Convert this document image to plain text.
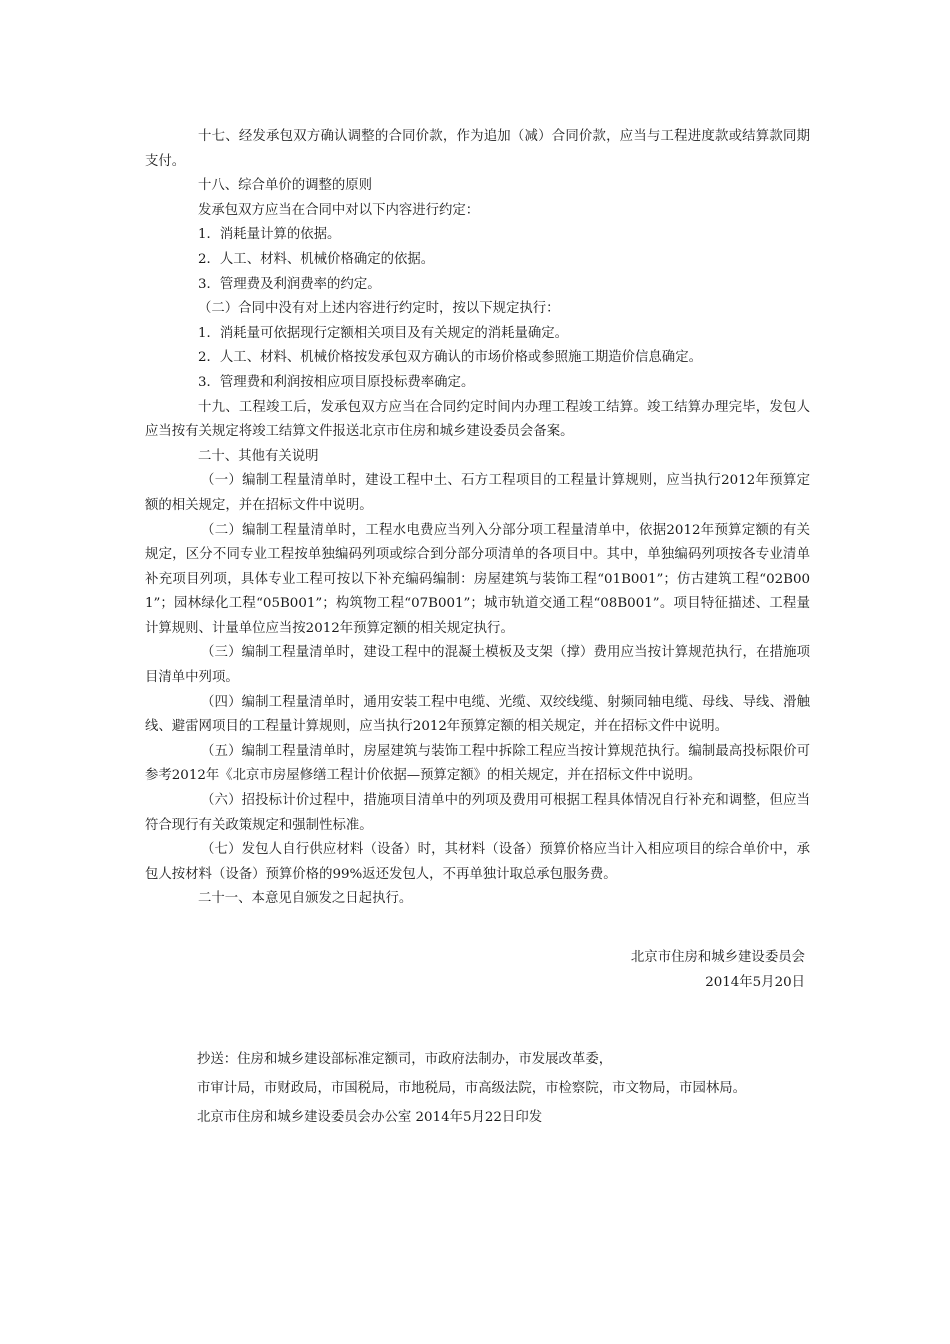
十七、经发承包双方确认调整的合同价款，作为追加（减）合同价款，应当与工程进度款或结算款同期支付。

十八、综合单价的调整的原则

发承包双方应当在合同中对以下内容进行约定：

1．消耗量计算的依据。

2．人工、材料、机械价格确定的依据。

3．管理费及利润费率的约定。

（二）合同中没有对上述内容进行约定时，按以下规定执行：

1．消耗量可依据现行定额相关项目及有关规定的消耗量确定。

2．人工、材料、机械价格按发承包双方确认的市场价格或参照施工期造价信息确定。

3．管理费和利润按相应项目原投标费率确定。

十九、工程竣工后，发承包双方应当在合同约定时间内办理工程竣工结算。竣工结算办理完毕，发包人应当按有关规定将竣工结算文件报送北京市住房和城乡建设委员会备案。

二十、其他有关说明

（一）编制工程量清单时，建设工程中土、石方工程项目的工程量计算规则，应当执行2012年预算定额的相关规定，并在招标文件中说明。

（二）编制工程量清单时，工程水电费应当列入分部分项工程量清单中，依据2012年预算定额的有关规定，区分不同专业工程按单独编码列项或综合到分部分项清单的各项目中。其中，单独编码列项按各专业清单补充项目列项，具体专业工程可按以下补充编码编制：房屋建筑与装饰工程“01B001”；仿古建筑工程“02B001”；园林绿化工程“05B001”；构筑物工程“07B001”；城市轨道交通工程“08B001”。项目特征描述、工程量计算规则、计量单位应当按2012年预算定额的相关规定执行。

（三）编制工程量清单时，建设工程中的混凝土模板及支架（撑）费用应当按计算规范执行，在措施项目清单中列项。

（四）编制工程量清单时，通用安装工程中电缆、光缆、双绞线缆、射频同轴电缆、母线、导线、滑触线、避雷网项目的工程量计算规则，应当执行2012年预算定额的相关规定，并在招标文件中说明。

（五）编制工程量清单时，房屋建筑与装饰工程中拆除工程应当按计算规范执行。编制最高投标限价可参考2012年《北京市房屋修缮工程计价依据—预算定额》的相关规定，并在招标文件中说明。

（六）招投标计价过程中，措施项目清单中的列项及费用可根据工程具体情况自行补充和调整，但应当符合现行有关政策规定和强制性标准。

（七）发包人自行供应材料（设备）时，其材料（设备）预算价格应当计入相应项目的综合单价中，承包人按材料（设备）预算价格的99%返还发包人，不再单独计取总承包服务费。

二十一、本意见自颁发之日起执行。

北京市住房和城乡建设委员会
2014年5月20日
抄送：住房和城乡建设部标准定额司，市政府法制办，市发展改革委，
市审计局，市财政局，市国税局，市地税局，市高级法院，市检察院，市文物局，市园林局。
北京市住房和城乡建设委员会办公室 2014年5月22日印发
